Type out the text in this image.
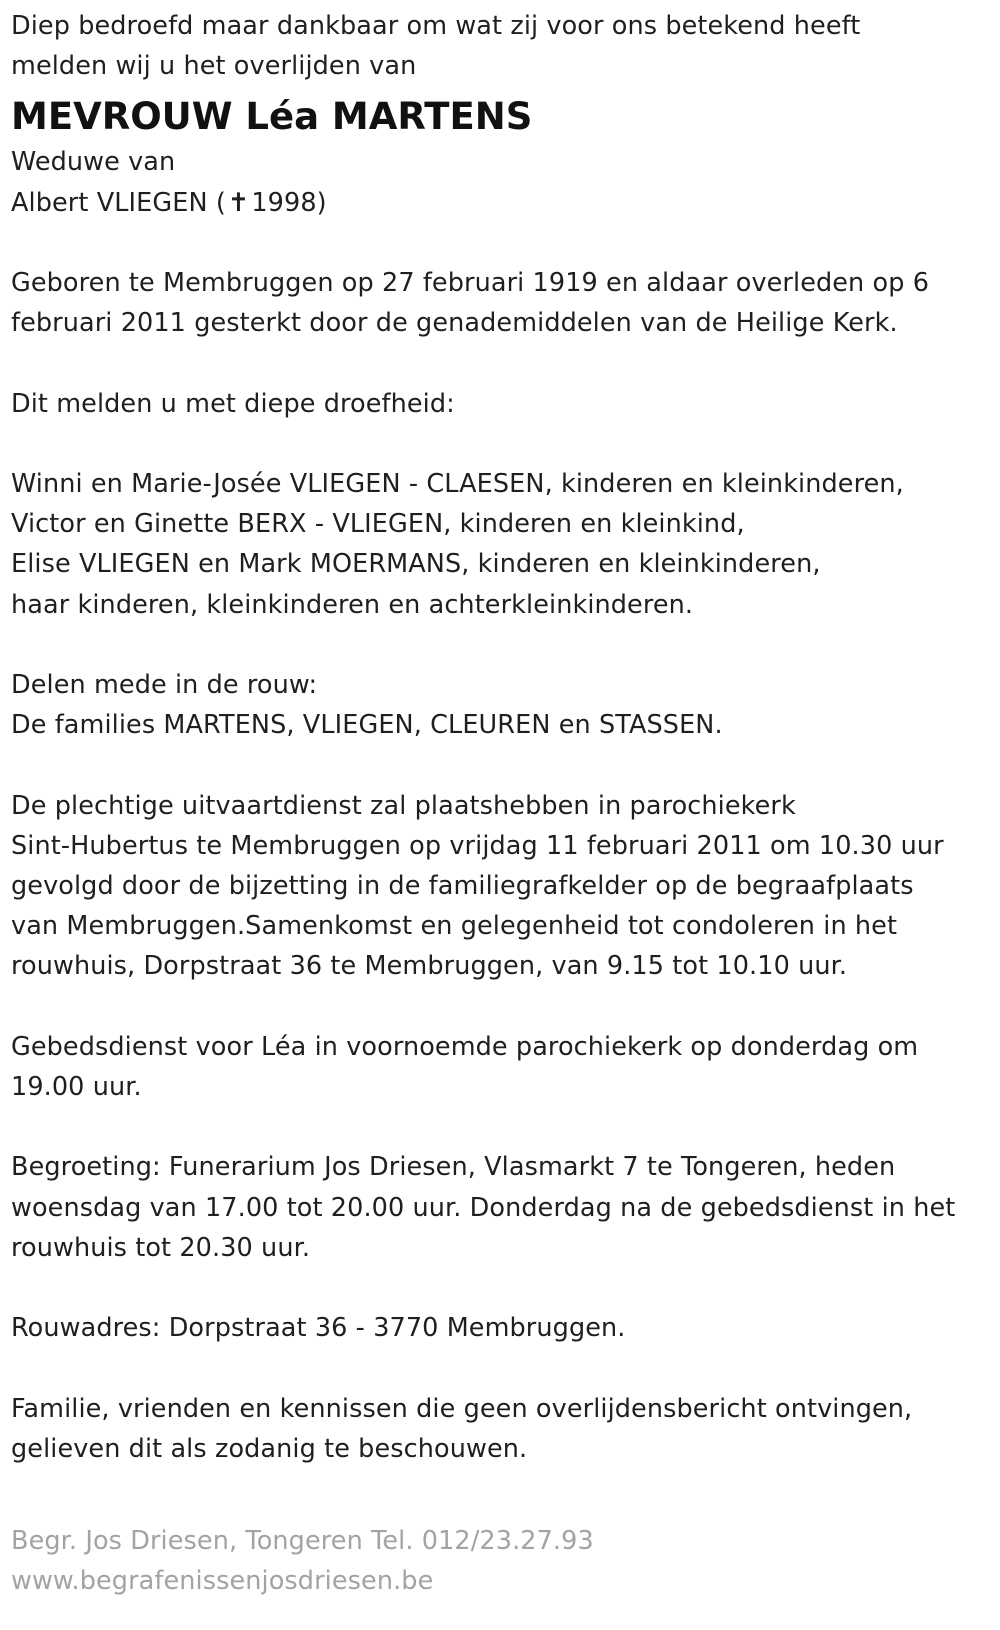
Diep bedroefd maar dankbaar om wat zij voor ons betekend heeft
melden wij u het overlijden van
MEVROUW Léa MARTENS
Weduwe van
Albert VLIEGEN (✝1998)
Geboren te Membruggen op 27 februari 1919 en aldaar overleden op 6
februari 2011 gesterkt door de genademiddelen van de Heilige Kerk.
Dit melden u met diepe droefheid:
Winni en Marie-Josée VLIEGEN - CLAESEN, kinderen en kleinkinderen,
Victor en Ginette BERX - VLIEGEN, kinderen en kleinkind,
Elise VLIEGEN en Mark MOERMANS, kinderen en kleinkinderen,
haar kinderen, kleinkinderen en achterkleinkinderen.
Delen mede in de rouw:
De families MARTENS, VLIEGEN, CLEUREN en STASSEN.
De plechtige uitvaartdienst zal plaatshebben in parochiekerk
Sint-Hubertus te Membruggen op vrijdag 11 februari 2011 om 10.30 uur
gevolgd door de bijzetting in de familiegrafkelder op de begraafplaats
van Membruggen.Samenkomst en gelegenheid tot condoleren in het
rouwhuis, Dorpstraat 36 te Membruggen, van 9.15 tot 10.10 uur.
Gebedsdienst voor Léa in voornoemde parochiekerk op donderdag om
19.00 uur.
Begroeting: Funerarium Jos Driesen, Vlasmarkt 7 te Tongeren, heden
woensdag van 17.00 tot 20.00 uur. Donderdag na de gebedsdienst in het
rouwhuis tot 20.30 uur.
Rouwadres: Dorpstraat 36 - 3770 Membruggen.
Familie, vrienden en kennissen die geen overlijdensbericht ontvingen,
gelieven dit als zodanig te beschouwen.
Begr. Jos Driesen, Tongeren Tel. 012/23.27.93
www.begrafenissenjosdriesen.be
